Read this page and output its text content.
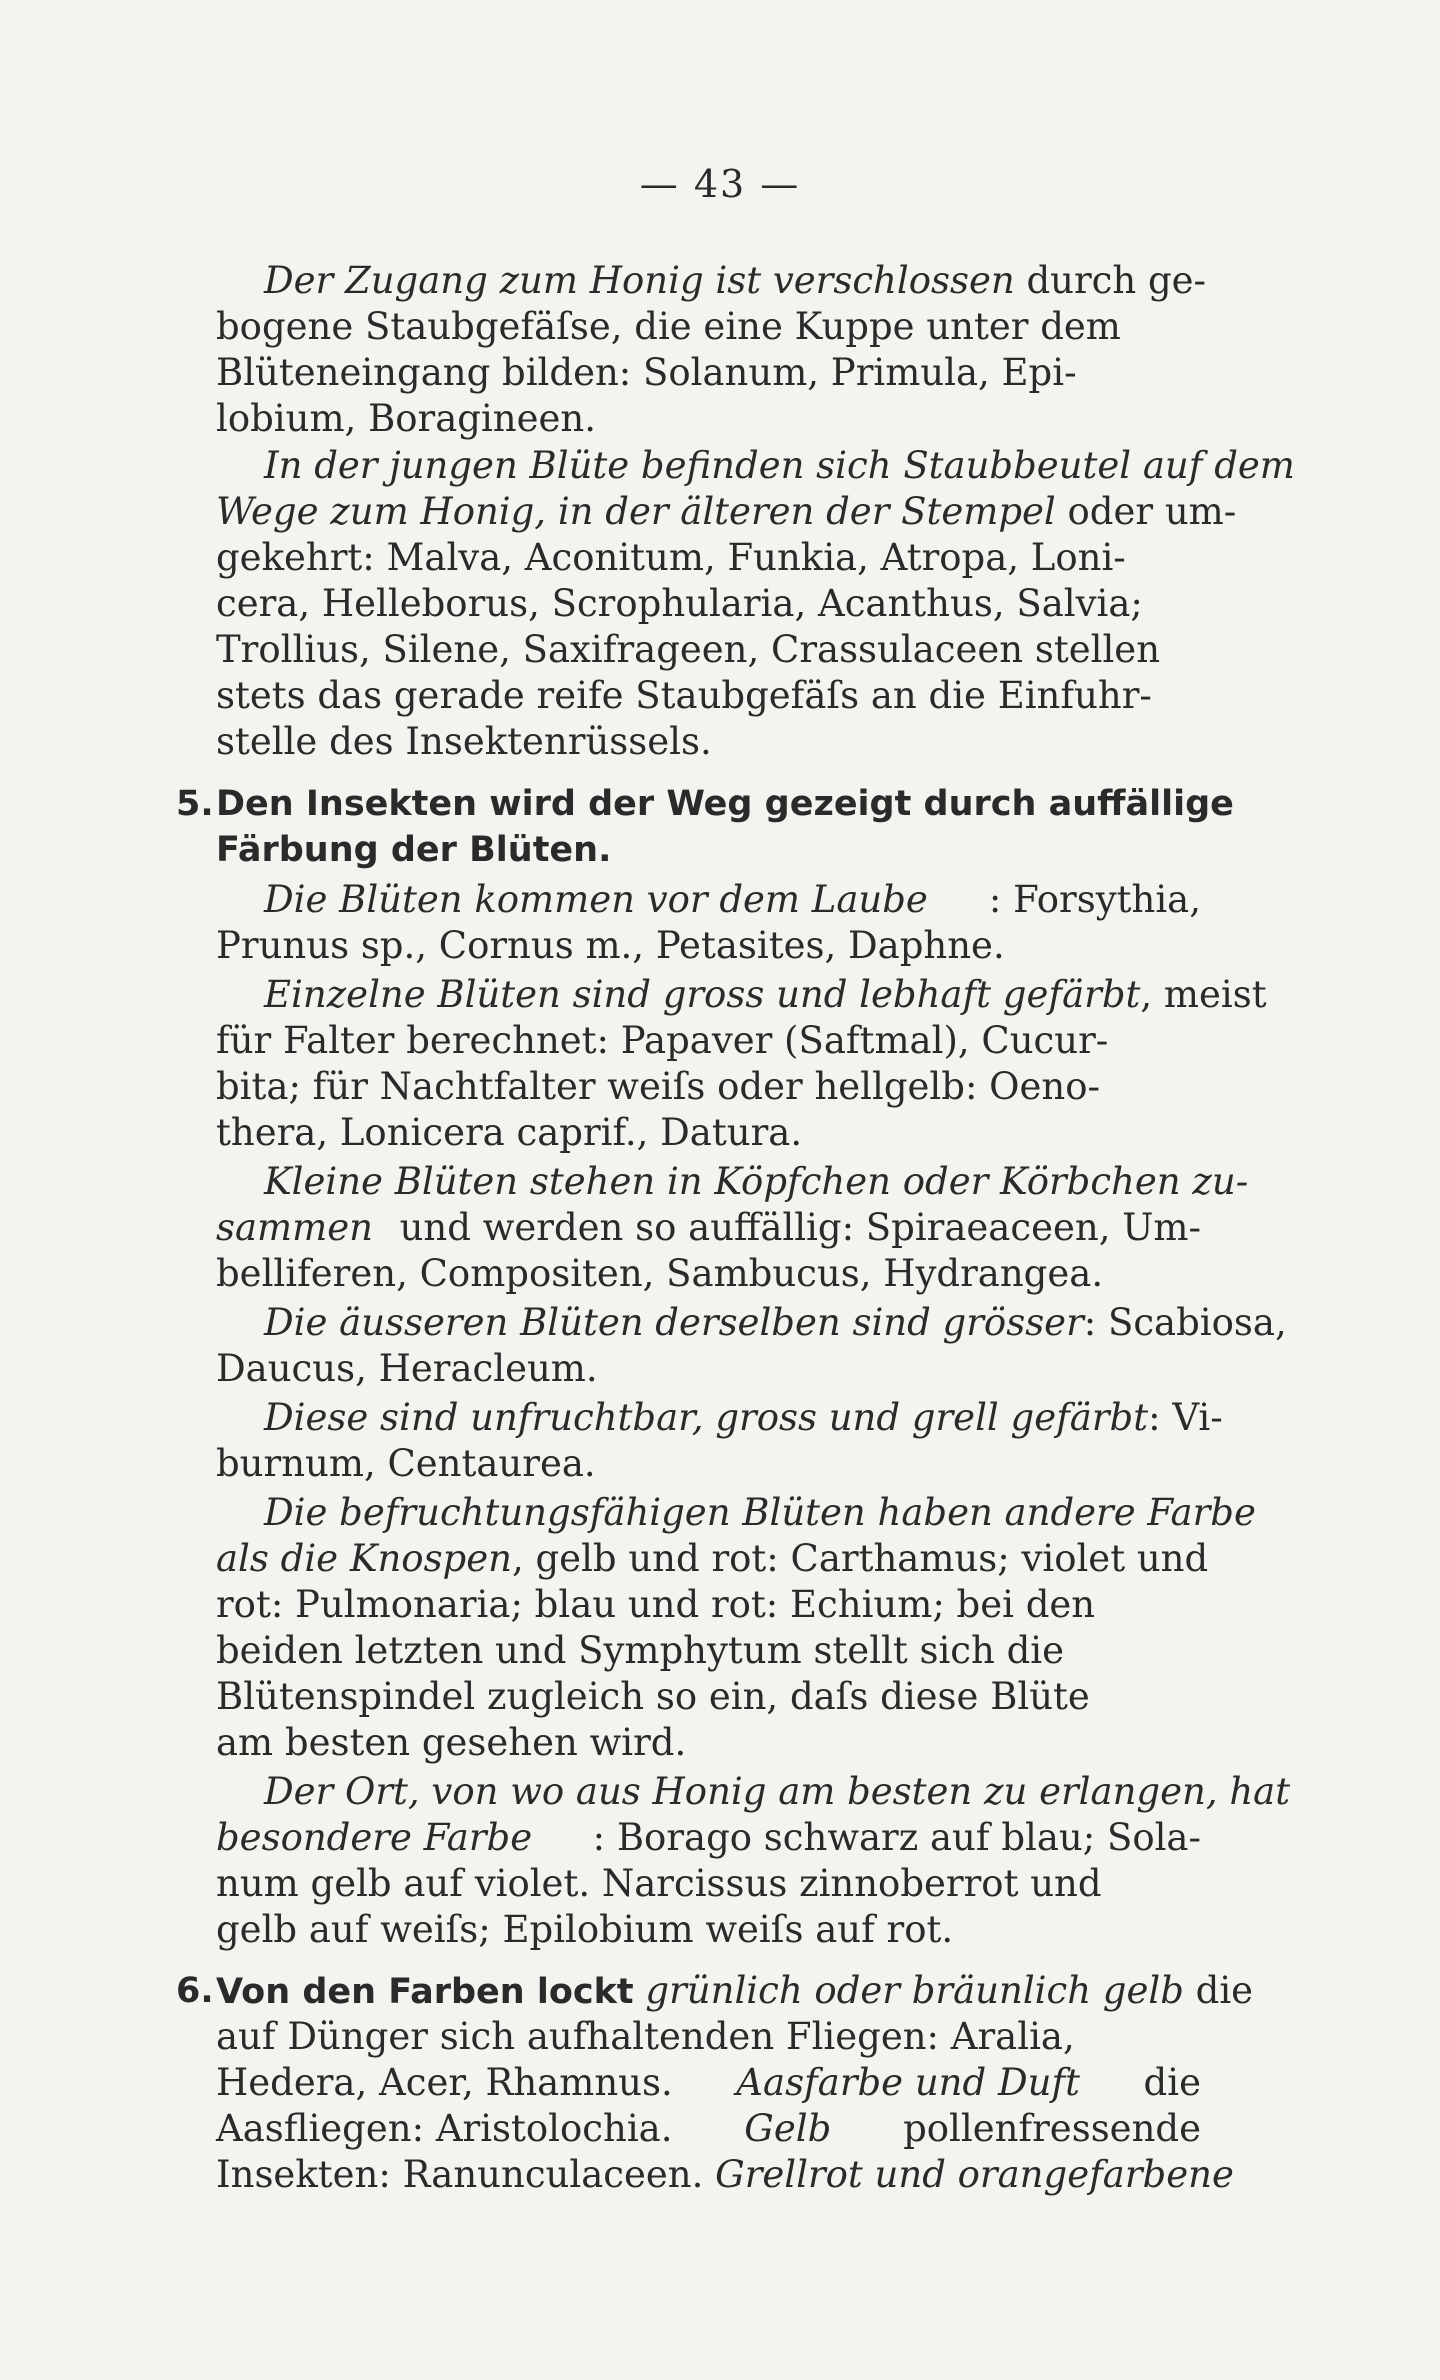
— 43 —
Der Zugang zum Honig ist verschlossen durch ge-
bogene Staubgefäſse, die eine Kuppe unter dem
Blüteneingang bilden: Solanum, Primula, Epi-
lobium, Boragineen.
In der jungen Blüte befinden sich Staubbeutel auf dem
Wege zum Honig, in der älteren der Stempel oder um-
gekehrt: Malva, Aconitum, Funkia, Atropa, Loni-
cera, Helleborus, Scrophularia, Acanthus, Salvia;
Trollius, Silene, Saxifrageen, Crassulaceen stellen
stets das gerade reife Staubgefäſs an die Einfuhr-
stelle des Insektenrüssels.
5. Den Insekten wird der Weg gezeigt durch auffällige
Färbung der Blüten.
Die Blüten kommen vor dem Laube : Forsythia,
Prunus sp., Cornus m., Petasites, Daphne.
Einzelne Blüten sind gross und lebhaft gefärbt , meist
für Falter berechnet: Papaver (Saftmal), Cucur-
bita; für Nachtfalter weiſs oder hellgelb: Oeno-
thera, Lonicera caprif., Datura.
Kleine Blüten stehen in Köpfchen oder Körbchen zu-
sammen und werden so auffällig: Spiraeaceen, Um-
belliferen, Compositen, Sambucus, Hydrangea.
Die äusseren Blüten derselben sind grösser : Scabiosa,
Daucus, Heracleum.
Diese sind unfruchtbar, gross und grell gefärbt : Vi-
burnum, Centaurea.
Die befruchtungsfähigen Blüten haben andere Farbe
als die Knospen , gelb und rot: Carthamus; violet und
rot: Pulmonaria; blau und rot: Echium; bei den
beiden letzten und Symphytum stellt sich die
Blütenspindel zugleich so ein, daſs diese Blüte
am besten gesehen wird.
Der Ort, von wo aus Honig am besten zu erlangen, hat
besondere Farbe : Borago schwarz auf blau; Sola-
num gelb auf violet. Narcissus zinnoberrot und
gelb auf weiſs; Epilobium weiſs auf rot.
6. Von den Farben lockt grünlich oder bräunlich gelb die
auf Dünger sich aufhaltenden Fliegen: Aralia,
Hedera, Acer, Rhamnus. Aasfarbe und Duft die
Aasfliegen: Aristolochia. Gelb pollenfressende
Insekten: Ranunculaceen. Grellrot und orangefarbene
